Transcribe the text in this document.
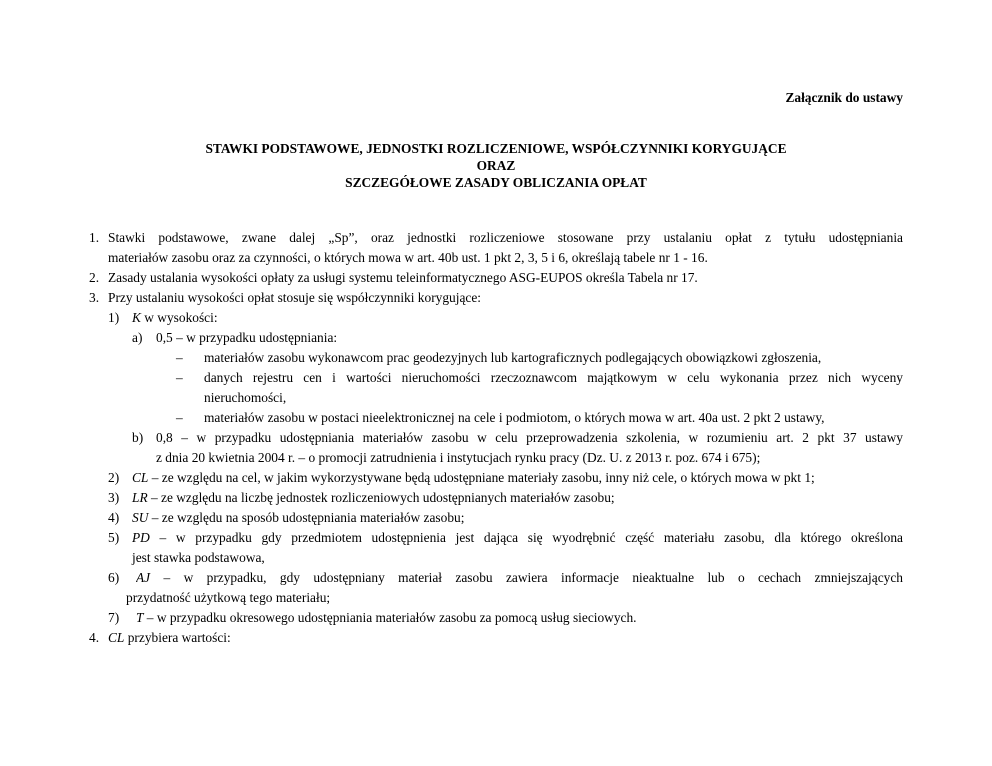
Załącznik do ustawy
STAWKI PODSTAWOWE, JEDNOSTKI ROZLICZENIOWE, WSPÓŁCZYNNIKI KORYGUJĄCE
ORAZ
SZCZEGÓŁOWE ZASADY OBLICZANIA OPŁAT
1. Stawki podstawowe, zwane dalej „Sp”, oraz jednostki rozliczeniowe stosowane przy ustalaniu opłat z tytułu udostępniania
materiałów zasobu oraz za czynności, o których mowa w art. 40b ust. 1 pkt 2, 3, 5 i 6, określają tabele nr 1 - 16.
2. Zasady ustalania wysokości opłaty za usługi systemu teleinformatycznego ASG-EUPOS określa Tabela nr 17.
3. Przy ustalaniu wysokości opłat stosuje się współczynniki korygujące:
1) K w wysokości:
a) 0,5 – w przypadku udostępniania:
– materiałów zasobu wykonawcom prac geodezyjnych lub kartograficznych podlegających obowiązkowi zgłoszenia,
– danych rejestru cen i wartości nieruchomości rzeczoznawcom majątkowym w celu wykonania przez nich wyceny
nieruchomości,
– materiałów zasobu w postaci nieelektronicznej na cele i podmiotom, o których mowa w art. 40a ust. 2 pkt 2 ustawy,
b) 0,8 – w przypadku udostępniania materiałów zasobu w celu przeprowadzenia szkolenia, w rozumieniu art. 2 pkt 37 ustawy
z dnia 20 kwietnia 2004 r. – o promocji zatrudnienia i instytucjach rynku pracy (Dz. U. z 2013 r. poz. 674 i 675);
2) CL – ze względu na cel, w jakim wykorzystywane będą udostępniane materiały zasobu, inny niż cele, o których mowa w pkt 1;
3) LR – ze względu na liczbę jednostek rozliczeniowych udostępnianych materiałów zasobu;
4) SU – ze względu na sposób udostępniania materiałów zasobu;
5) PD – w przypadku gdy przedmiotem udostępnienia jest dająca się wyodrębnić część materiału zasobu, dla którego określona
jest stawka podstawowa,
6) AJ – w przypadku, gdy udostępniany materiał zasobu zawiera informacje nieaktualne lub o cechach zmniejszających
przydatność użytkową tego materiału;
7) T – w przypadku okresowego udostępniania materiałów zasobu za pomocą usług sieciowych.
4. CL przybiera wartości:
